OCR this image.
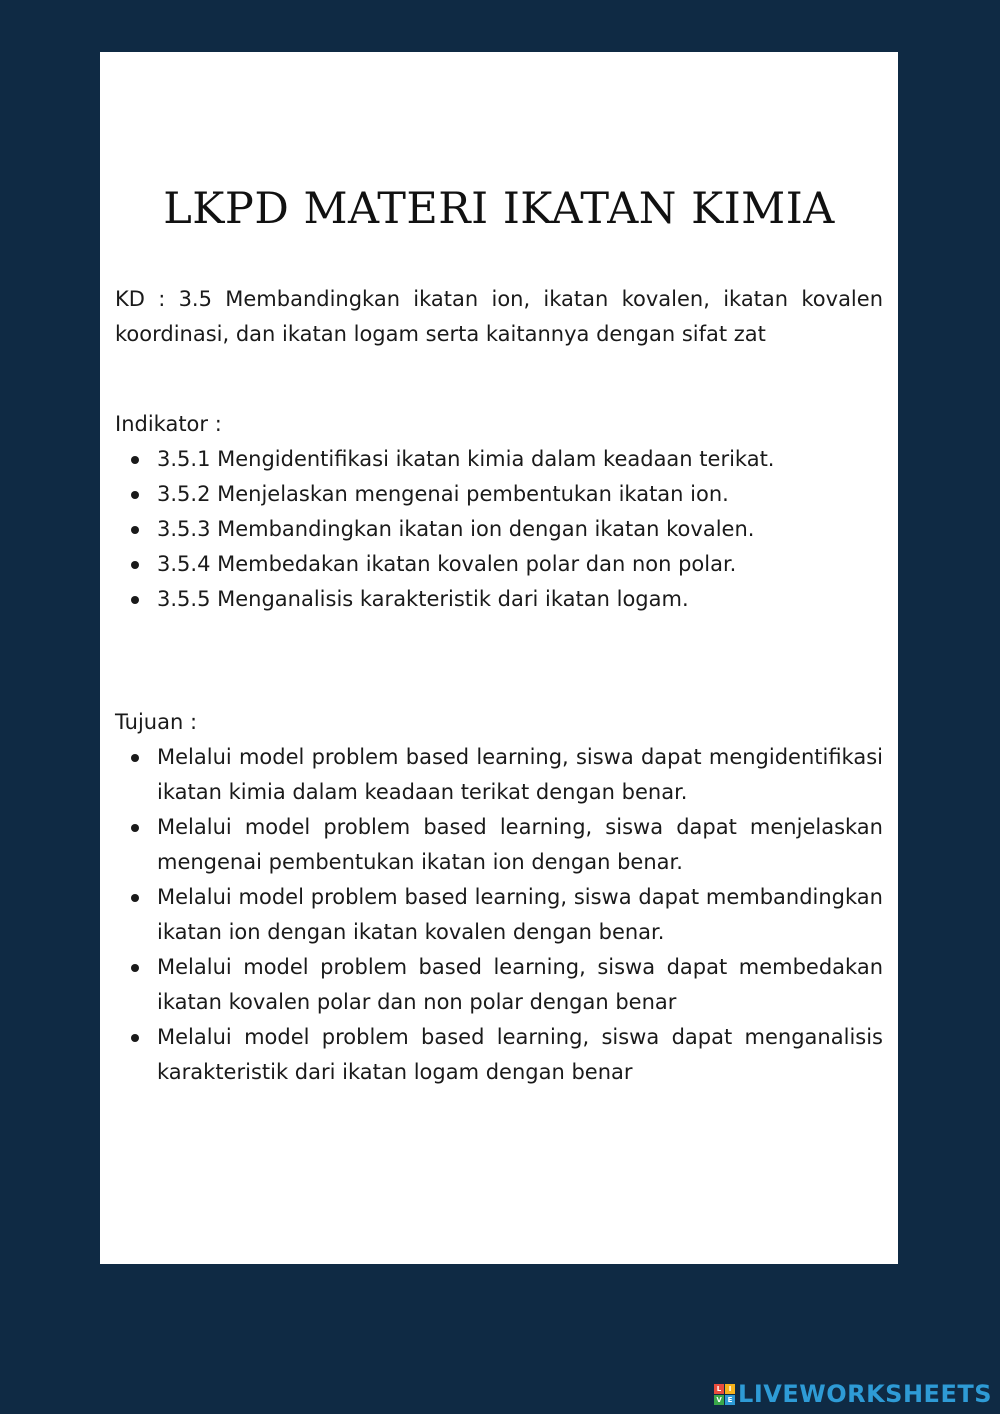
LKPD MATERI IKATAN KIMIA
KD : 3.5 Membandingkan ikatan ion, ikatan kovalen, ikatan kovalen koordinasi, dan ikatan logam serta kaitannya dengan sifat zat

Indikator :

3.5.1 Mengidentifikasi ikatan kimia dalam keadaan terikat.
3.5.2 Menjelaskan mengenai pembentukan ikatan ion.
3.5.3 Membandingkan ikatan ion dengan ikatan kovalen.
3.5.4 Membedakan ikatan kovalen polar dan non polar.
3.5.5 Menganalisis karakteristik dari ikatan logam.

Tujuan :

Melalui model problem based learning, siswa dapat mengidentifikasi ikatan kimia dalam keadaan terikat dengan benar.
Melalui model problem based learning, siswa dapat menjelaskan mengenai pembentukan ikatan ion dengan benar.
Melalui model problem based learning, siswa dapat membandingkan ikatan ion dengan ikatan kovalen dengan benar.
Melalui model problem based learning, siswa dapat membedakan ikatan kovalen polar dan non polar dengan benar
Melalui model problem based learning, siswa dapat menganalisis karakteristik dari ikatan logam dengan benar
L	I
V E LIVEWORKSHEETS
